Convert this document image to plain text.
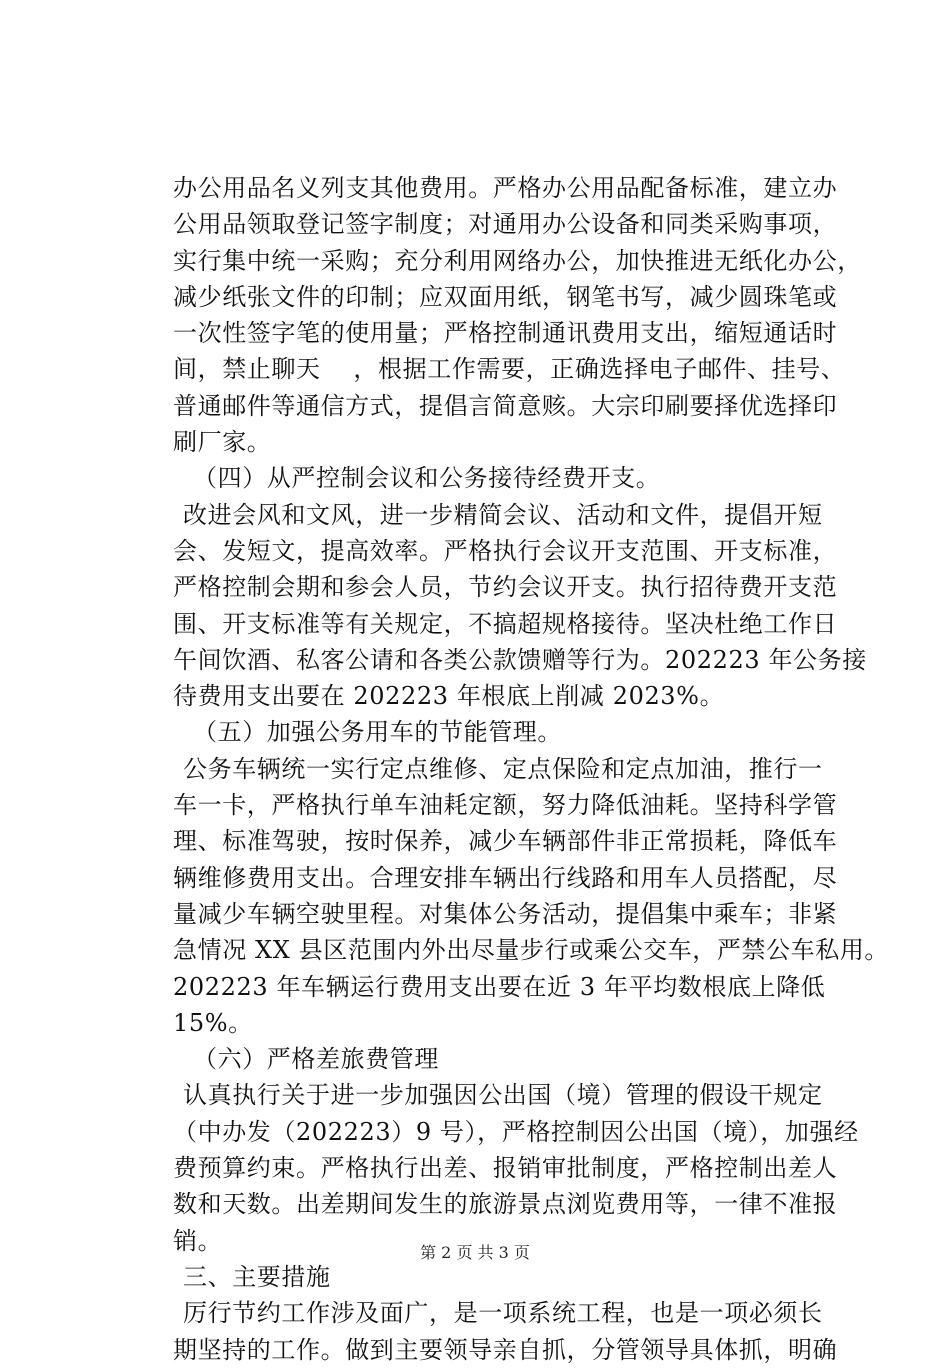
办公用品名义列支其他费用。严格办公用品配备标准，建立办
公用品领取登记签字制度；对通用办公设备和同类采购事项，
实行集中统一采购；充分利用网络办公，加快推进无纸化办公，
减少纸张文件的印制；应双面用纸，钢笔书写，减少圆珠笔或
一次性签字笔的使用量；严格控制通讯费用支出，缩短通话时
间，禁止聊天　 ，根据工作需要，正确选择电子邮件、挂号、
普通邮件等通信方式，提倡言简意赅。大宗印刷要择优选择印
刷厂家。
（四）从严控制会议和公务接待经费开支。
改进会风和文风，进一步精简会议、活动和文件，提倡开短
会、发短文，提高效率。严格执行会议开支范围、开支标准，
严格控制会期和参会人员，节约会议开支。执行招待费开支范
围、开支标准等有关规定，不搞超规格接待。坚决杜绝工作日
午间饮酒、私客公请和各类公款馈赠等行为。202223 年公务接
待费用支出要在 202223 年根底上削减 2023%。
（五）加强公务用车的节能管理。
公务车辆统一实行定点维修、定点保险和定点加油，推行一
车一卡，严格执行单车油耗定额，努力降低油耗。坚持科学管
理、标准驾驶，按时保养，减少车辆部件非正常损耗，降低车
辆维修费用支出。合理安排车辆出行线路和用车人员搭配，尽
量减少车辆空驶里程。对集体公务活动，提倡集中乘车；非紧
急情况 XX 县区范围内外出尽量步行或乘公交车，严禁公车私用。
202223 年车辆运行费用支出要在近 3 年平均数根底上降低
15%。
（六）严格差旅费管理
认真执行关于进一步加强因公出国（境）管理的假设干规定
（中办发（202223）9 号），严格控制因公出国（境），加强经
费预算约束。严格执行出差、报销审批制度，严格控制出差人
数和天数。出差期间发生的旅游景点浏览费用等，一律不准报
销。
三、主要措施
厉行节约工作涉及面广，是一项系统工程，也是一项必须长
期坚持的工作。做到主要领导亲自抓，分管领导具体抓，明确
第 2 页 共 3 页
